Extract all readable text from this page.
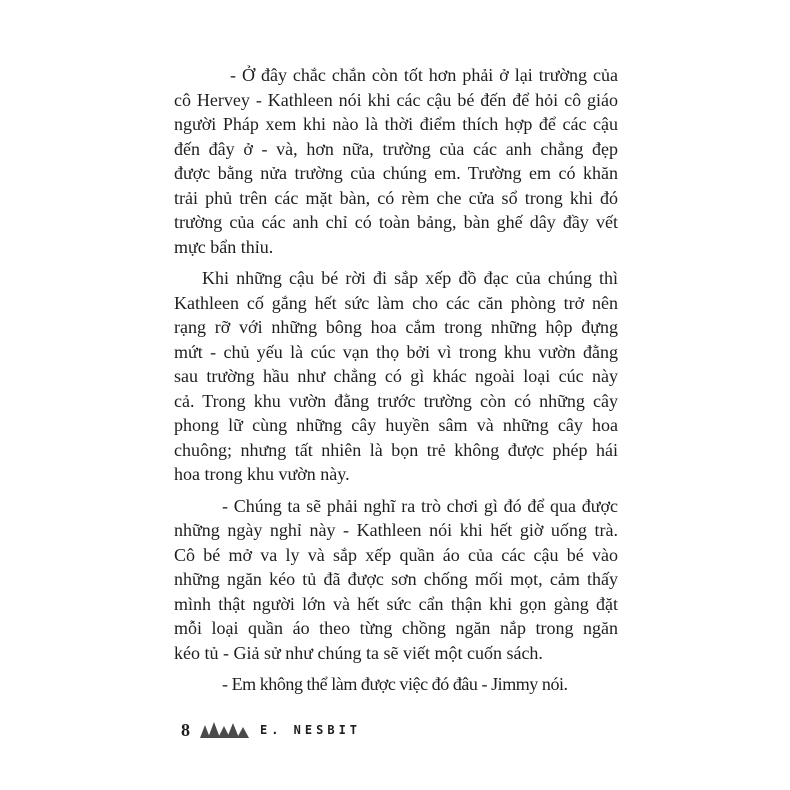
- Ở đây chắc chắn còn tốt hơn phải ở lại trường của
cô Hervey - Kathleen nói khi các cậu bé đến để hỏi cô giáo
người Pháp xem khi nào là thời điểm thích hợp để các cậu
đến đây ở - và, hơn nữa, trường của các anh chẳng đẹp
được bằng nửa trường của chúng em. Trường em có khăn
trải phủ trên các mặt bàn, có rèm che cửa sổ trong khi đó
trường của các anh chỉ có toàn bảng, bàn ghế dây đầy vết
mực bẩn thỉu.
Khi những cậu bé rời đi sắp xếp đồ đạc của chúng thì
Kathleen cố gắng hết sức làm cho các căn phòng trở nên
rạng rỡ với những bông hoa cắm trong những hộp đựng
mứt - chủ yếu là cúc vạn thọ bởi vì trong khu vườn đằng
sau trường hầu như chẳng có gì khác ngoài loại cúc này
cả. Trong khu vườn đằng trước trường còn có những cây
phong lữ cùng những cây huyền sâm và những cây hoa
chuông; nhưng tất nhiên là bọn trẻ không được phép hái
hoa trong khu vườn này.
- Chúng ta sẽ phải nghĩ ra trò chơi gì đó để qua được
những ngày nghỉ này - Kathleen nói khi hết giờ uống trà.
Cô bé mở va ly và sắp xếp quần áo của các cậu bé vào
những ngăn kéo tủ đã được sơn chống mối mọt, cảm thấy
mình thật người lớn và hết sức cẩn thận khi gọn gàng đặt
mỗi loại quần áo theo từng chồng ngăn nắp trong ngăn
kéo tủ - Giả sử như chúng ta sẽ viết một cuốn sách.
- Em không thể làm được việc đó đâu - Jimmy nói.
8	E. NESBIT
